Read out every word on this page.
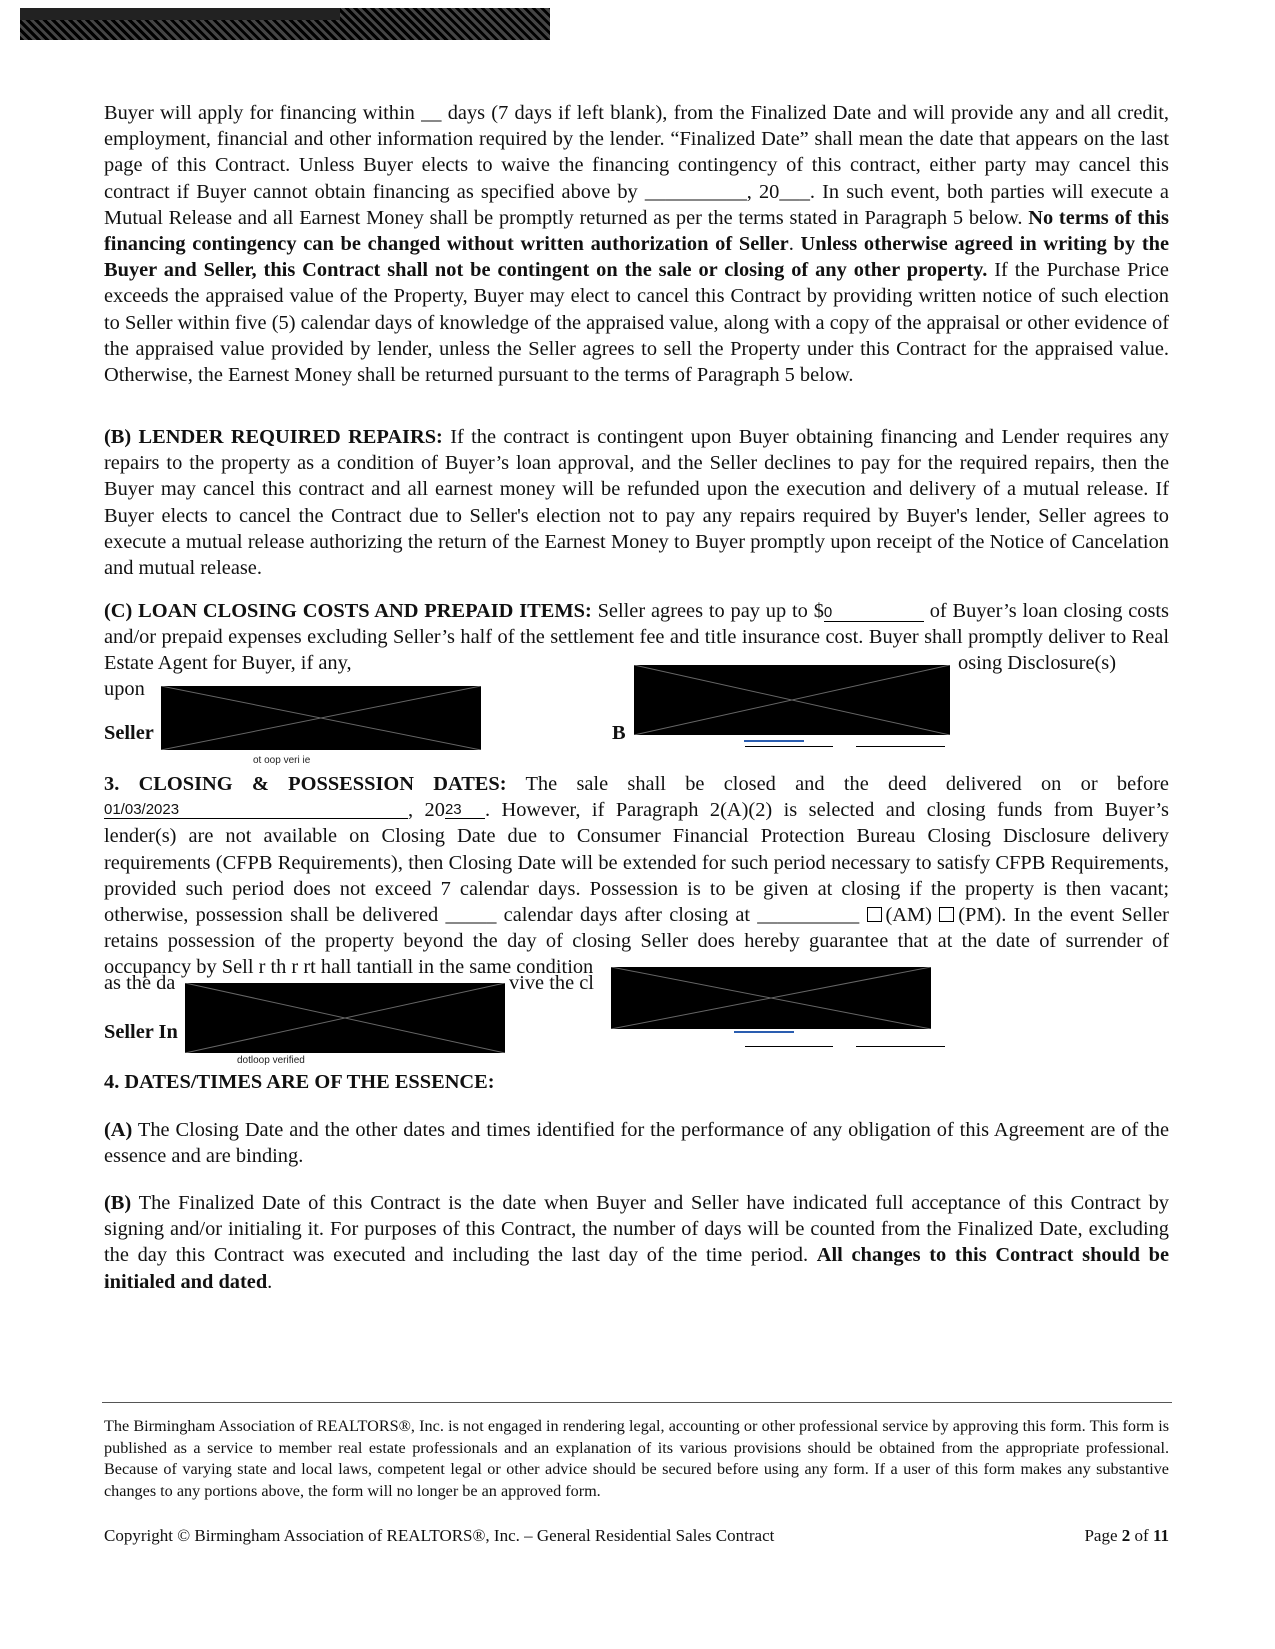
Buyer will apply for financing within __ days (7 days if left blank), from the Finalized Date and will provide any and all credit, employment, financial and other information required by the lender. “Finalized Date” shall mean the date that appears on the last page of this Contract. Unless Buyer elects to waive the financing contingency of this contract, either party may cancel this contract if Buyer cannot obtain financing as specified above by __________, 20___. In such event, both parties will execute a Mutual Release and all Earnest Money shall be promptly returned as per the terms stated in Paragraph 5 below. No terms of this financing contingency can be changed without written authorization of Seller. Unless otherwise agreed in writing by the Buyer and Seller, this Contract shall not be contingent on the sale or closing of any other property. If the Purchase Price exceeds the appraised value of the Property, Buyer may elect to cancel this Contract by providing written notice of such election to Seller within five (5) calendar days of knowledge of the appraised value, along with a copy of the appraisal or other evidence of the appraised value provided by lender, unless the Seller agrees to sell the Property under this Contract for the appraised value. Otherwise, the Earnest Money shall be returned pursuant to the terms of Paragraph 5 below.
(B) LENDER REQUIRED REPAIRS: If the contract is contingent upon Buyer obtaining financing and Lender requires any repairs to the property as a condition of Buyer’s loan approval, and the Seller declines to pay for the required repairs, then the Buyer may cancel this contract and all earnest money will be refunded upon the execution and delivery of a mutual release. If Buyer elects to cancel the Contract due to Seller's election not to pay any repairs required by Buyer's lender, Seller agrees to execute a mutual release authorizing the return of the Earnest Money to Buyer promptly upon receipt of the Notice of Cancelation and mutual release.
(C) LOAN CLOSING COSTS AND PREPAID ITEMS: Seller agrees to pay up to $0	of Buyer’s loan closing costs and/or prepaid expenses excluding Seller’s half of the settlement fee and title insurance cost. Buyer shall promptly deliver to Real Estate Agent for Buyer, if any,	osing Disclosure(s)
upon
Seller	B
ot oop veri ie
3. CLOSING & POSSESSION DATES: The sale shall be closed and the deed delivered on or before 01/03/2023	, 2023 . However, if Paragraph 2(A)(2) is selected and closing funds from Buyer’s lender(s) are not available on Closing Date due to Consumer Financial Protection Bureau Closing Disclosure delivery requirements (CFPB Requirements), then Closing Date will be extended for such period necessary to satisfy CFPB Requirements, provided such period does not exceed 7 calendar days. Possession is to be given at closing if the property is then vacant; otherwise, possession shall be delivered _____ calendar days after closing at __________ (AM) (PM). In the event Seller retains possession of the property beyond the day of closing Seller does hereby guarantee that at the date of surrender of occupancy by Sell r th r rt hall tantiall in the same condition
as the da	vive the cl
Seller In
dotloop verified
4. DATES/TIMES ARE OF THE ESSENCE:
(A) The Closing Date and the other dates and times identified for the performance of any obligation of this Agreement are of the essence and are binding.
(B) The Finalized Date of this Contract is the date when Buyer and Seller have indicated full acceptance of this Contract by signing and/or initialing it. For purposes of this Contract, the number of days will be counted from the Finalized Date, excluding the day this Contract was executed and including the last day of the time period. All changes to this Contract should be initialed and dated.
The Birmingham Association of REALTORS®, Inc. is not engaged in rendering legal, accounting or other professional service by approving this form. This form is published as a service to member real estate professionals and an explanation of its various provisions should be obtained from the appropriate professional. Because of varying state and local laws, competent legal or other advice should be secured before using any form. If a user of this form makes any substantive changes to any portions above, the form will no longer be an approved form.
Copyright © Birmingham Association of REALTORS®, Inc. – General Residential Sales Contract	Page 2 of 11
